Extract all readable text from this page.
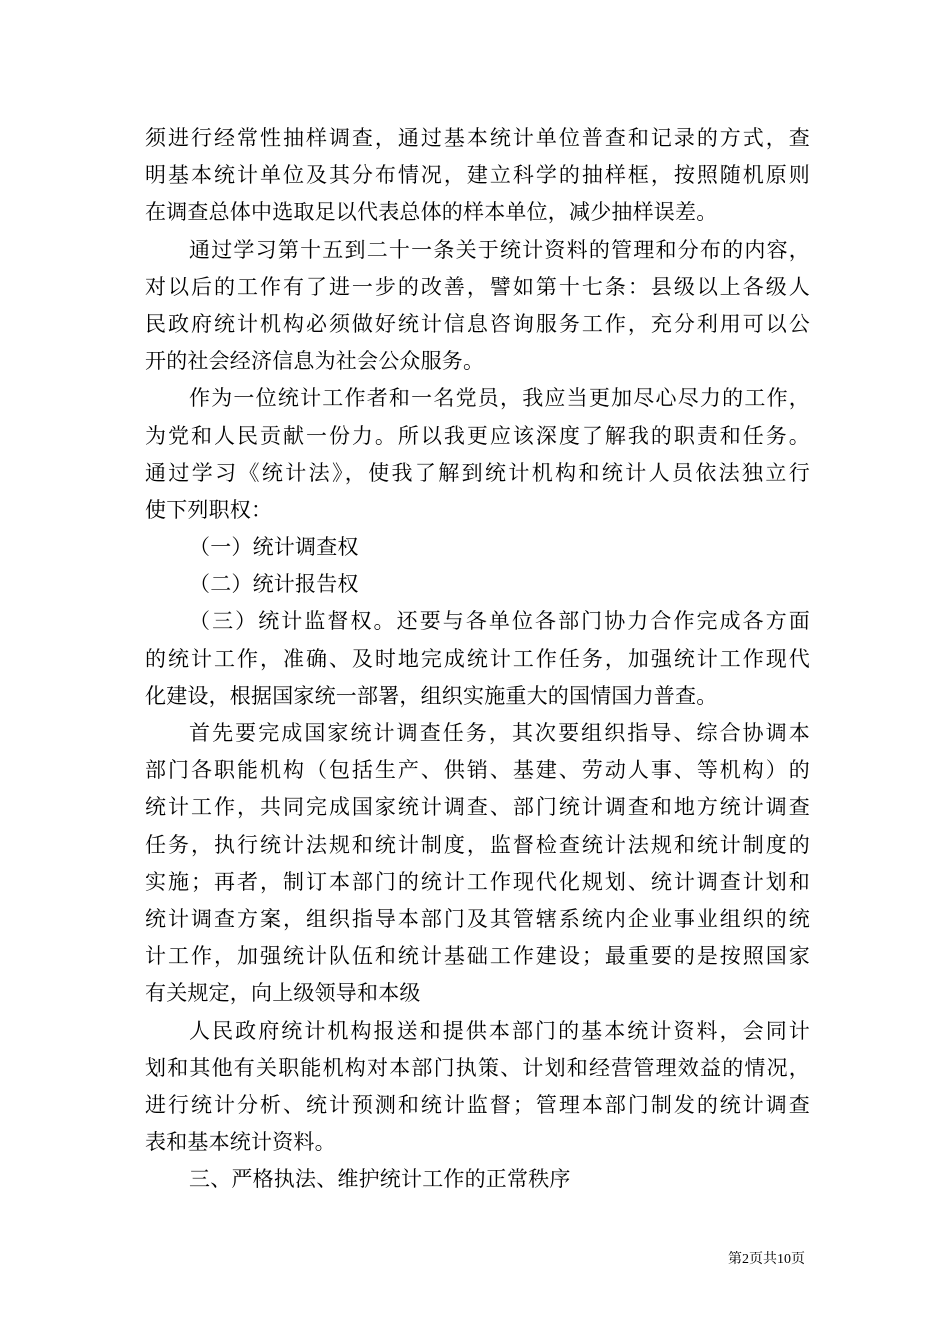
须进行经常性抽样调查，通过基本统计单位普查和记录的方式，查
明基本统计单位及其分布情况，建立科学的抽样框，按照随机原则
在调查总体中选取足以代表总体的样本单位，减少抽样误差。
通过学习第十五到二十一条关于统计资料的管理和分布的内容，
对以后的工作有了进一步的改善，譬如第十七条：县级以上各级人
民政府统计机构必须做好统计信息咨询服务工作，充分利用可以公
开的社会经济信息为社会公众服务。
作为一位统计工作者和一名党员，我应当更加尽心尽力的工作，
为党和人民贡献一份力。所以我更应该深度了解我的职责和任务。
通过学习《统计法》，使我了解到统计机构和统计人员依法独立行
使下列职权：
（一）统计调查权
（二）统计报告权
（三）统计监督权。还要与各单位各部门协力合作完成各方面
的统计工作，准确、及时地完成统计工作任务，加强统计工作现代
化建设，根据国家统一部署，组织实施重大的国情国力普查。
首先要完成国家统计调查任务，其次要组织指导、综合协调本
部门各职能机构（包括生产、供销、基建、劳动人事、等机构）的
统计工作，共同完成国家统计调查、部门统计调查和地方统计调查
任务，执行统计法规和统计制度，监督检查统计法规和统计制度的
实施；再者，制订本部门的统计工作现代化规划、统计调查计划和
统计调查方案，组织指导本部门及其管辖系统内企业事业组织的统
计工作，加强统计队伍和统计基础工作建设；最重要的是按照国家
有关规定，向上级领导和本级
人民政府统计机构报送和提供本部门的基本统计资料，会同计
划和其他有关职能机构对本部门执策、计划和经营管理效益的情况，
进行统计分析、统计预测和统计监督；管理本部门制发的统计调查
表和基本统计资料。
三、严格执法、维护统计工作的正常秩序
第2页共10页
